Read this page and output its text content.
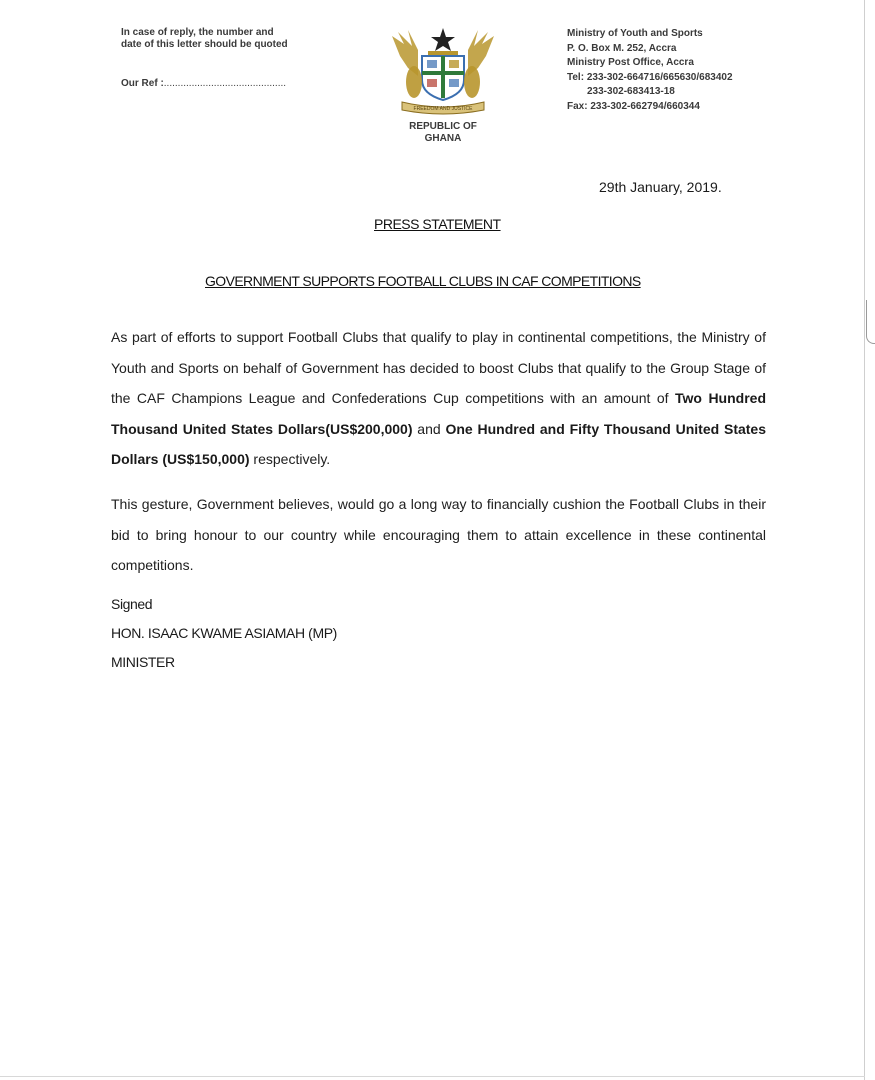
In case of reply, the number and
date of this letter should be quoted
Our Ref :............................................
FREEDOM AND JUSTICE
REPUBLIC OF GHANA
Ministry of Youth and Sports
P. O. Box M. 252, Accra
Ministry Post Office, Accra
Tel: 233-302-664716/665630/683402
233-302-683413-18
Fax: 233-302-662794/660344
29th January, 2019.
PRESS STATEMENT
GOVERNMENT SUPPORTS FOOTBALL CLUBS IN CAF COMPETITIONS
As part of efforts to support Football Clubs that qualify to play in continental competitions, the Ministry of Youth and Sports on behalf of Government has decided to boost Clubs that qualify to the Group Stage of the CAF Champions League and Confederations Cup competitions with an amount of Two Hundred Thousand United States Dollars(US$200,000) and One Hundred and Fifty Thousand United States Dollars (US$150,000) respectively.
This gesture, Government believes, would go a long way to financially cushion the Football Clubs in their bid to bring honour to our country while encouraging them to attain excellence in these continental competitions.
Signed
HON. ISAAC KWAME ASIAMAH (MP)
MINISTER
